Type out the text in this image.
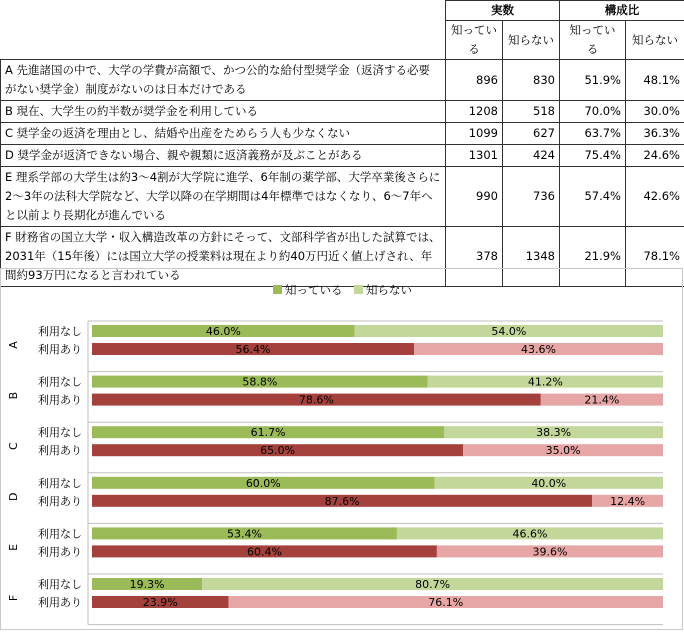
	実数		構成比	
	知っている	知らない	知っている	知らない
A 先進諸国の中で、大学の学費が高額で、かつ公的な給付型奨学金（返済する必要がない奨学金）制度がないのは日本だけである	896	830	51.9%	48.1%
B 現在、大学生の約半数が奨学金を利用している	1208	518	70.0%	30.0%
C 奨学金の返済を理由とし、結婚や出産をためらう人も少なくない	1099	627	63.7%	36.3%
D 奨学金が返済できない場合、親や親類に返済義務が及ぶことがある	1301	424	75.4%	24.6%
E 理系学部の大学生は約3～4割が大学院に進学、6年制の薬学部、大学卒業後さらに2～3年の法科大学院など、大学以降の在学期間は4年標準ではなくなり、6～7年へと以前より長期化が進んでいる	990	736	57.4%	42.6%
F 財務省の国立大学・収入構造改革の方針にそって、文部科学省が出した試算では、2031年（15年後）には国立大学の授業料は現在より約40万円近く値上げされ、年間約93万円になると言われている	378	1348	21.9%	78.1%
知っている 知らない
A
利用なし	46.0%	54.0%
利用あり	56.4%	43.6%
B
利用なし	58.8%	41.2%
利用あり	78.6%	21.4%
C
利用なし	61.7%	38.3%
利用あり	65.0%	35.0%
D
利用なし	60.0%	40.0%
利用あり	87.6%	12.4%
E
利用なし	53.4%	46.6%
利用あり	60.4%	39.6%
F
利用なし	19.3%	80.7%
利用あり	23.9%	76.1%
